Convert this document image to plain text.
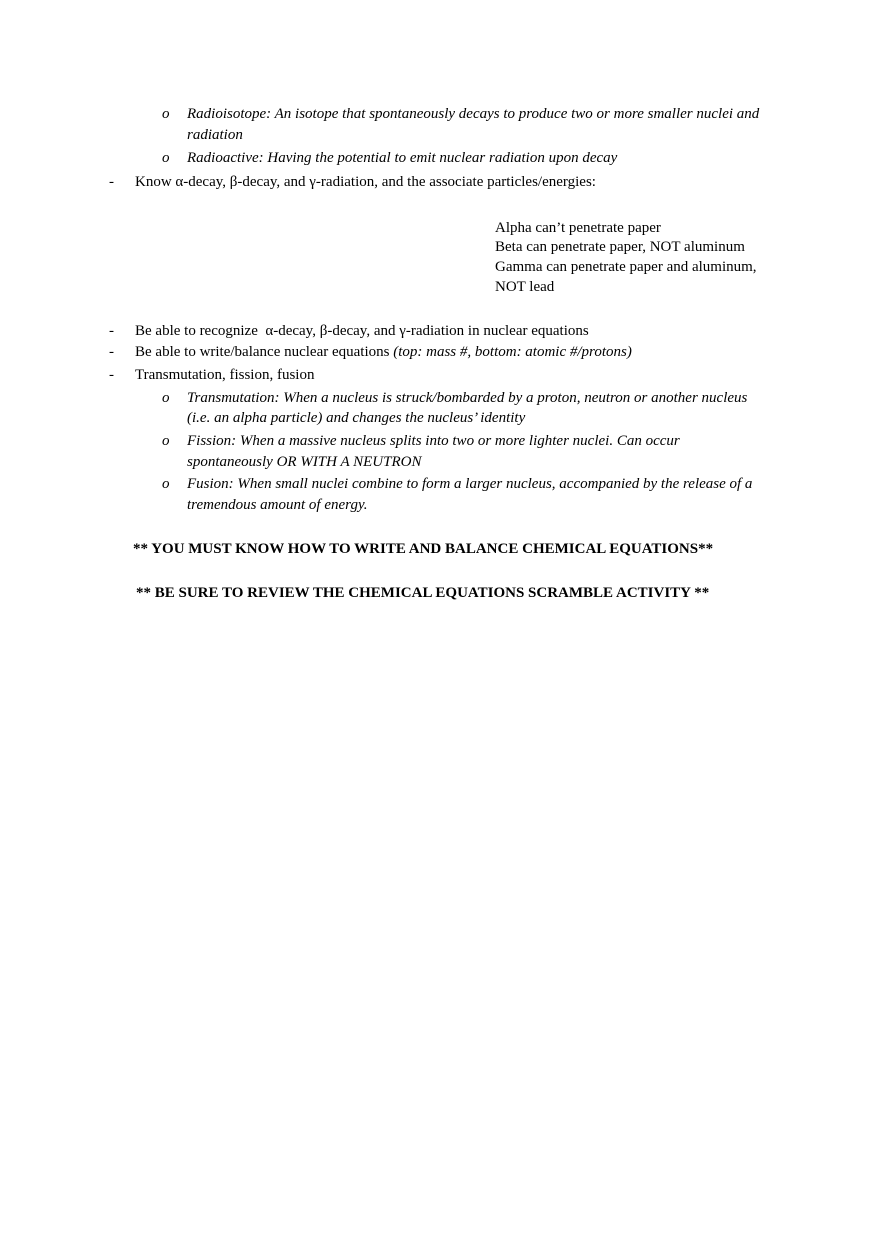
o Radioisotope: An isotope that spontaneously decays to produce two or more smaller nuclei and
radiation
o Radioactive: Having the potential to emit nuclear radiation upon decay
- Know α-decay, β-decay, and γ-radiation, and the associate particles/energies:
Alpha can’t penetrate paper
Beta can penetrate paper, NOT aluminum
Gamma can penetrate paper and aluminum,
NOT lead
- Be able to recognize  α-decay, β-decay, and γ-radiation in nuclear equations
- Be able to write/balance nuclear equations (top: mass #, bottom: atomic #/protons)
- Transmutation, fission, fusion
o Transmutation: When a nucleus is struck/bombarded by a proton, neutron or another nucleus
(i.e. an alpha particle) and changes the nucleus’ identity
o Fission: When a massive nucleus splits into two or more lighter nuclei. Can occur
spontaneously OR WITH A NEUTRON
o Fusion: When small nuclei combine to form a larger nucleus, accompanied by the release of a
tremendous amount of energy.
** YOU MUST KNOW HOW TO WRITE AND BALANCE CHEMICAL EQUATIONS**
** BE SURE TO REVIEW THE CHEMICAL EQUATIONS SCRAMBLE ACTIVITY **
